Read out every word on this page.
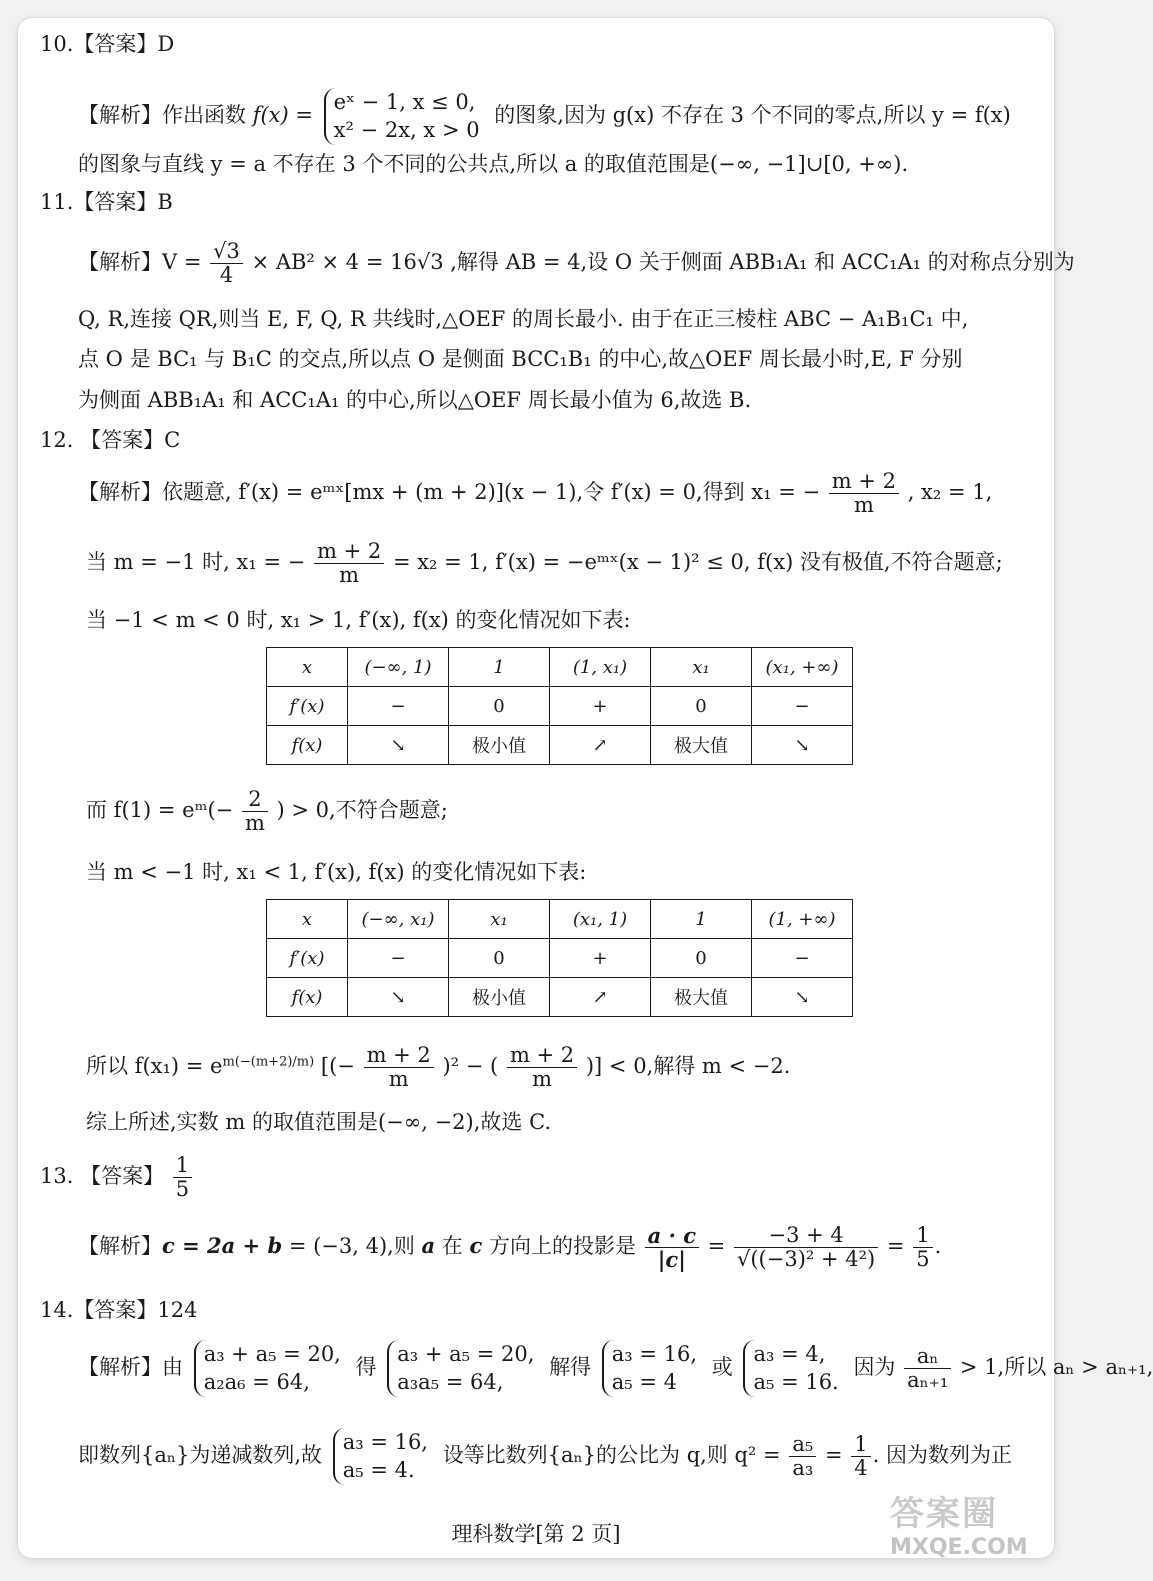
10.【答案】D
【解析】作出函数 f(x) =
eˣ − 1, x ≤ 0,
x² − 2x, x > 0
的图象,因为 g(x) 不存在 3 个不同的零点,所以 y = f(x)
的图象与直线 y = a 不存在 3 个不同的公共点,所以 a 的取值范围是(−∞, −1]∪[0, +∞).
11.【答案】B
【解析】$V = \frac{√3}{4} \times AB^2 \times 4 = 16√3$ ,解得 AB = 4,设 O 关于侧面 ABB₁A₁ 和 ACC₁A₁ 的对称点分别为
Q, R,连接 QR,则当 E, F, Q, R 共线时,△OEF 的周长最小. 由于在正三棱柱 ABC − A₁B₁C₁ 中,
点 O 是 BC₁ 与 B₁C 的交点,所以点 O 是侧面 BCC₁B₁ 的中心,故△OEF 周长最小时,E, F 分别
为侧面 ABB₁A₁ 和 ACC₁A₁ 的中心,所以△OEF 周长最小值为 6,故选 B.
12. 【答案】C
【解析】依题意, f′(x) = eᵐˣ[mx + (m + 2)](x − 1),令 f′(x) = 0,得到 x₁ = − $\frac{m + 2}{m}$ , x₂ = 1,
当 m = −1 时, x₁ = − $\frac{m + 2}{m} = x_2 = 1$, f′(x) = −eᵐˣ(x − 1)² ≤ 0, f(x) 没有极值,不符合题意;
当 −1 < m < 0 时, x₁ > 1, f′(x), f(x) 的变化情况如下表:
x	(−∞, 1)	1	(1, x₁)	x₁	(x₁, +∞)
f′(x)	−	0	+	0	−
f(x)	↘	极小值	↗	极大值	↘
而 f(1) = eᵐ(− $\frac{2}{m}$ ) > 0,不符合题意;
当 m < −1 时, x₁ < 1, f′(x), f(x) 的变化情况如下表:
x	(−∞, x₁)	x₁	(x₁, 1)	1	(1, +∞)
f′(x)	−	0	+	0	−
f(x)	↘	极小值	↗	极大值	↘
所以 $f(x_1) = e^{m(-(m+2)/m)}$ [(− $\frac{m + 2}{m} )^2$ − ( $\frac{m + 2}{m}$ )] < 0,解得 m < −2.
综上所述,实数 m 的取值范围是(−∞, −2),故选 C.
13. 【答案】 $\frac{1}{5}$
【解析】c = 2a + b = (−3, 4),则 a 在 c 方向上的投影是 $\frac{a \cdot c}{|c|} = \frac{-3 + 4}{\text{√((−3)² + 4²)}} = \frac{1}{5}$ .
14.【答案】124
【解析】由
a₃ + a₅ = 20,
a₂a₆ = 64,
得
a₃ + a₅ = 20,
a₃a₅ = 64,
解得
a₃ = 16,
a₅ = 4
或
a₃ = 4,
a₅ = 16.
因为 $\frac{\text{aₙ}}{\text{aₙ₊₁}} > 1$,所以 aₙ > aₙ₊₁,
即数列{aₙ}为递减数列,故
a₃ = 16,
a₅ = 4.
设等比数列{aₙ}的公比为 q,则 $q^2 = \frac{\text{a₅}}{\text{a₃}} = \frac{1}{4}$ . 因为数列为正
理科数学[第 2 页]	答案圈
MXQE.COM
